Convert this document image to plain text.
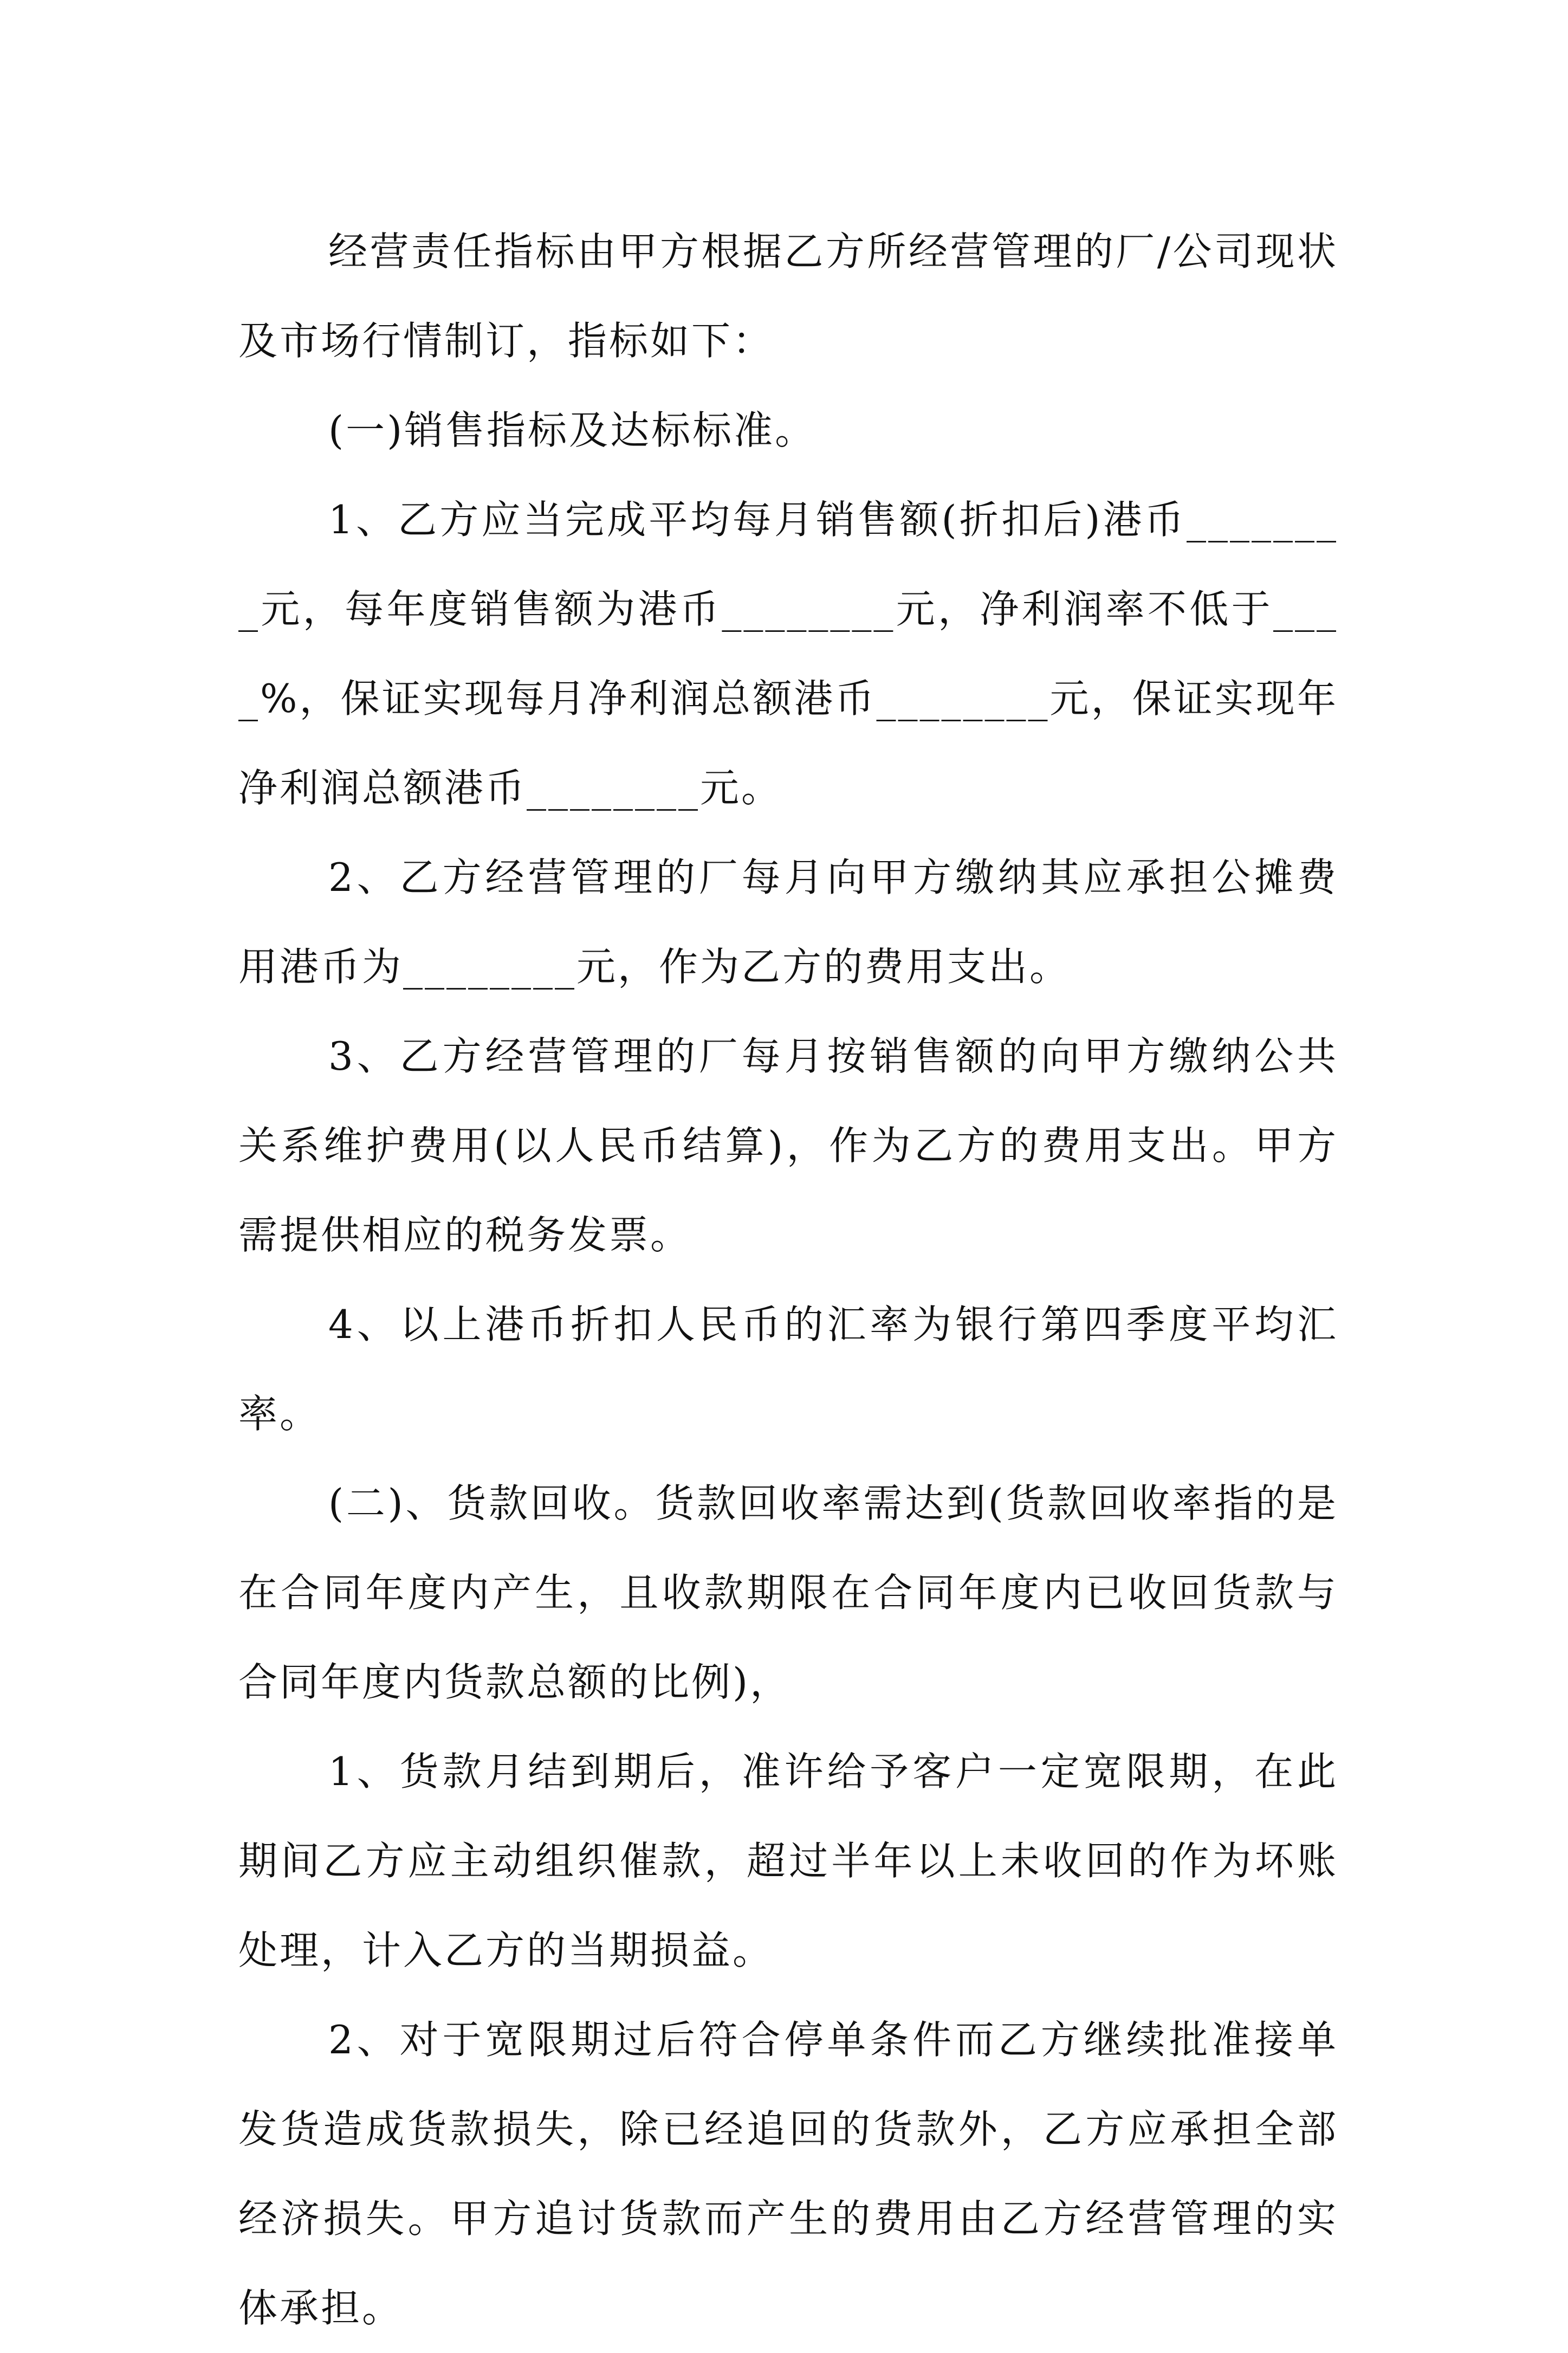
经营责任指标由甲方根据乙方所经营管理的厂/公司现状及市场行情制订，指标如下：

(一)销售指标及达标标准。

1、乙方应当完成平均每月销售额(折扣后)港币________元，每年度销售额为港币________元，净利润率不低于____%，保证实现每月净利润总额港币________元，保证实现年净利润总额港币________元。

2、乙方经营管理的厂每月向甲方缴纳其应承担公摊费用港币为________元，作为乙方的费用支出。

3、乙方经营管理的厂每月按销售额的向甲方缴纳公共关系维护费用(以人民币结算)，作为乙方的费用支出。甲方需提供相应的税务发票。

4、以上港币折扣人民币的汇率为银行第四季度平均汇率。

(二)、货款回收。货款回收率需达到(货款回收率指的是在合同年度内产生，且收款期限在合同年度内已收回货款与合同年度内货款总额的比例)，

1、货款月结到期后，准许给予客户一定宽限期，在此期间乙方应主动组织催款，超过半年以上未收回的作为坏账处理，计入乙方的当期损益。

2、对于宽限期过后符合停单条件而乙方继续批准接单发货造成货款损失，除已经追回的货款外，乙方应承担全部经济损失。甲方追讨货款而产生的费用由乙方经营管理的实体承担。
